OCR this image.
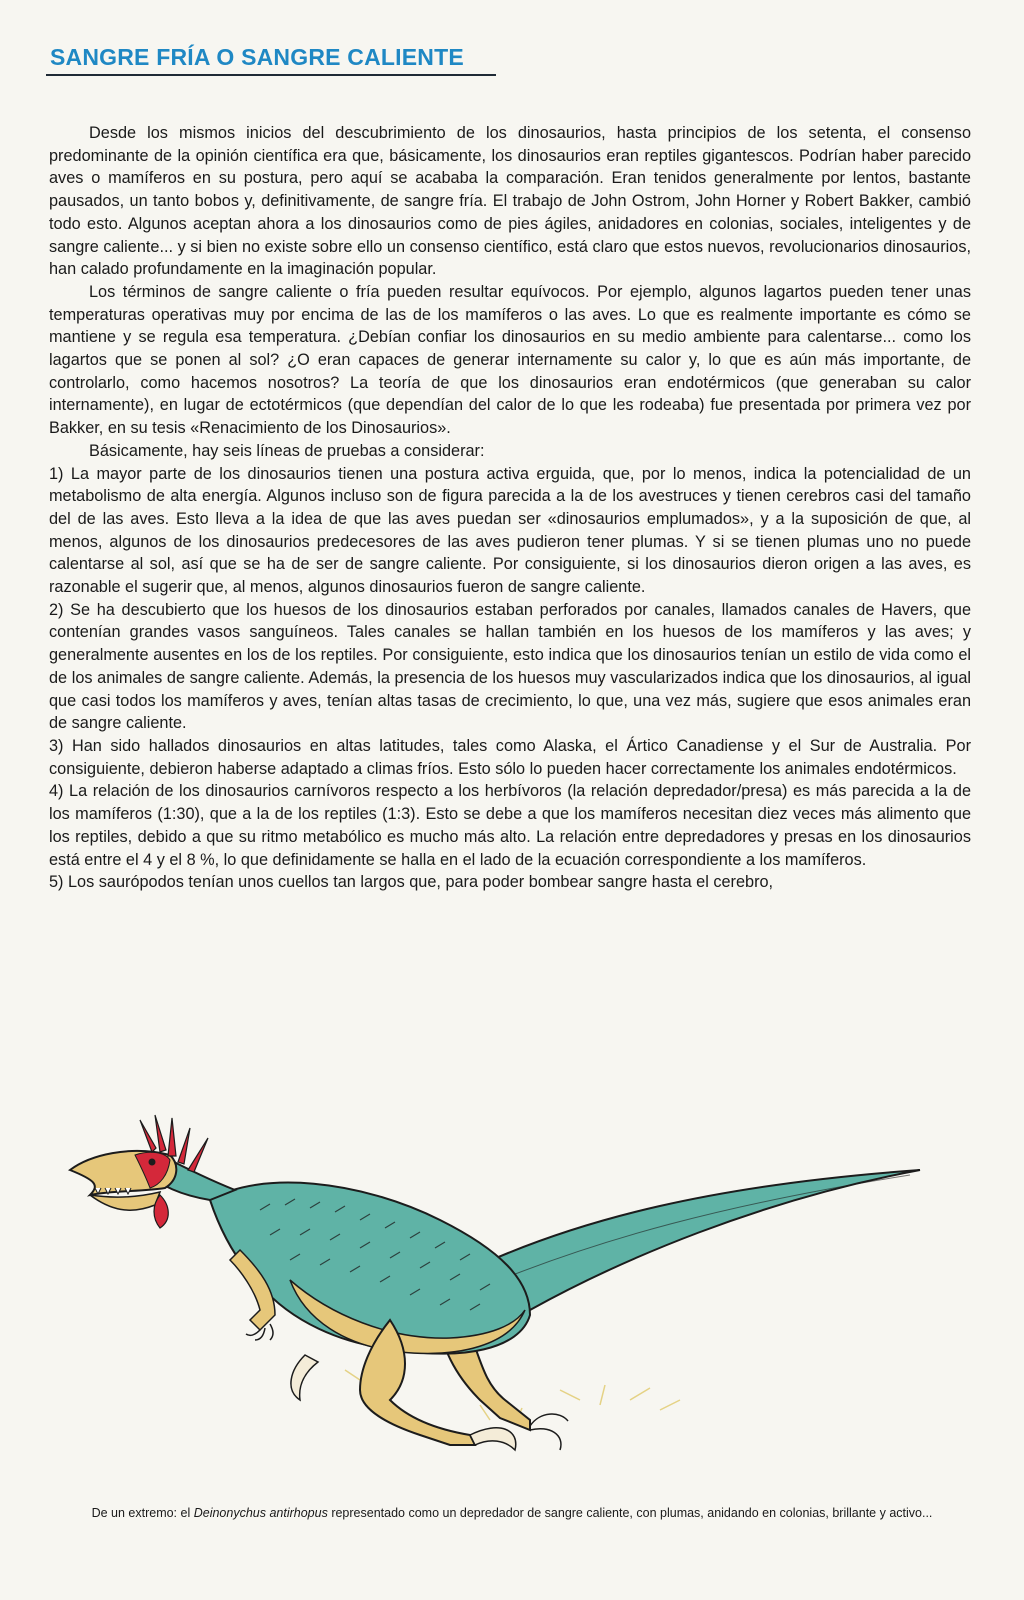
SANGRE FRÍA O SANGRE CALIENTE

Desde los mismos inicios del descubrimiento de los dinosaurios, hasta principios de los setenta, el consenso predominante de la opinión científica era que, básicamente, los dinosaurios eran reptiles gigantescos. Podrían haber parecido aves o mamíferos en su postura, pero aquí se acababa la comparación. Eran tenidos generalmente por lentos, bastante pausados, un tanto bobos y, definitivamente, de sangre fría. El trabajo de John Ostrom, John Horner y Robert Bakker, cambió todo esto. Algunos aceptan ahora a los dinosaurios como de pies ágiles, anidadores en colonias, sociales, inteligentes y de sangre caliente... y si bien no existe sobre ello un consenso científico, está claro que estos nuevos, revolucionarios dinosaurios, han calado profundamente en la imaginación popular.

Los términos de sangre caliente o fría pueden resultar equívocos. Por ejemplo, algunos lagartos pueden tener unas temperaturas operativas muy por encima de las de los mamíferos o las aves. Lo que es realmente importante es cómo se mantiene y se regula esa temperatura. ¿Debían confiar los dinosaurios en su medio ambiente para calentarse... como los lagartos que se ponen al sol? ¿O eran capaces de generar internamente su calor y, lo que es aún más importante, de controlarlo, como hacemos nosotros? La teoría de que los dinosaurios eran endotérmicos (que generaban su calor internamente), en lugar de ectotérmicos (que dependían del calor de lo que les rodeaba) fue presentada por primera vez por Bakker, en su tesis «Renacimiento de los Dinosaurios».

Básicamente, hay seis líneas de pruebas a considerar:

1) La mayor parte de los dinosaurios tienen una postura activa erguida, que, por lo menos, indica la potencialidad de un metabolismo de alta energía. Algunos incluso son de figura parecida a la de los avestruces y tienen cerebros casi del tamaño del de las aves. Esto lleva a la idea de que las aves puedan ser «dinosaurios emplumados», y a la suposición de que, al menos, algunos de los dinosaurios predecesores de las aves pudieron tener plumas. Y si se tienen plumas uno no puede calentarse al sol, así que se ha de ser de sangre caliente. Por consiguiente, si los dinosaurios dieron origen a las aves, es razonable el sugerir que, al menos, algunos dinosaurios fueron de sangre caliente.

2) Se ha descubierto que los huesos de los dinosaurios estaban perforados por canales, llamados canales de Havers, que contenían grandes vasos sanguíneos. Tales canales se hallan también en los huesos de los mamíferos y las aves; y generalmente ausentes en los de los reptiles. Por consiguiente, esto indica que los dinosaurios tenían un estilo de vida como el de los animales de sangre caliente. Además, la presencia de los huesos muy vascularizados indica que los dinosaurios, al igual que casi todos los mamíferos y aves, tenían altas tasas de crecimiento, lo que, una vez más, sugiere que esos animales eran de sangre caliente.

3) Han sido hallados dinosaurios en altas latitudes, tales como Alaska, el Ártico Canadiense y el Sur de Australia. Por consiguiente, debieron haberse adaptado a climas fríos. Esto sólo lo pueden hacer correctamente los animales endotérmicos.

4) La relación de los dinosaurios carnívoros respecto a los herbívoros (la relación depredador/presa) es más parecida a la de los mamíferos (1:30), que a la de los reptiles (1:3). Esto se debe a que los mamíferos necesitan diez veces más alimento que los reptiles, debido a que su ritmo metabólico es mucho más alto. La relación entre depredadores y presas en los dinosaurios está entre el 4 y el 8 %, lo que definidamente se halla en el lado de la ecuación correspondiente a los mamíferos.

5) Los saurópodos tenían unos cuellos tan largos que, para poder bombear sangre hasta el cerebro,

De un extremo: el Deinonychus antirhopus representado como un depredador de sangre caliente, con plumas, anidando en colonias, brillante y activo...
